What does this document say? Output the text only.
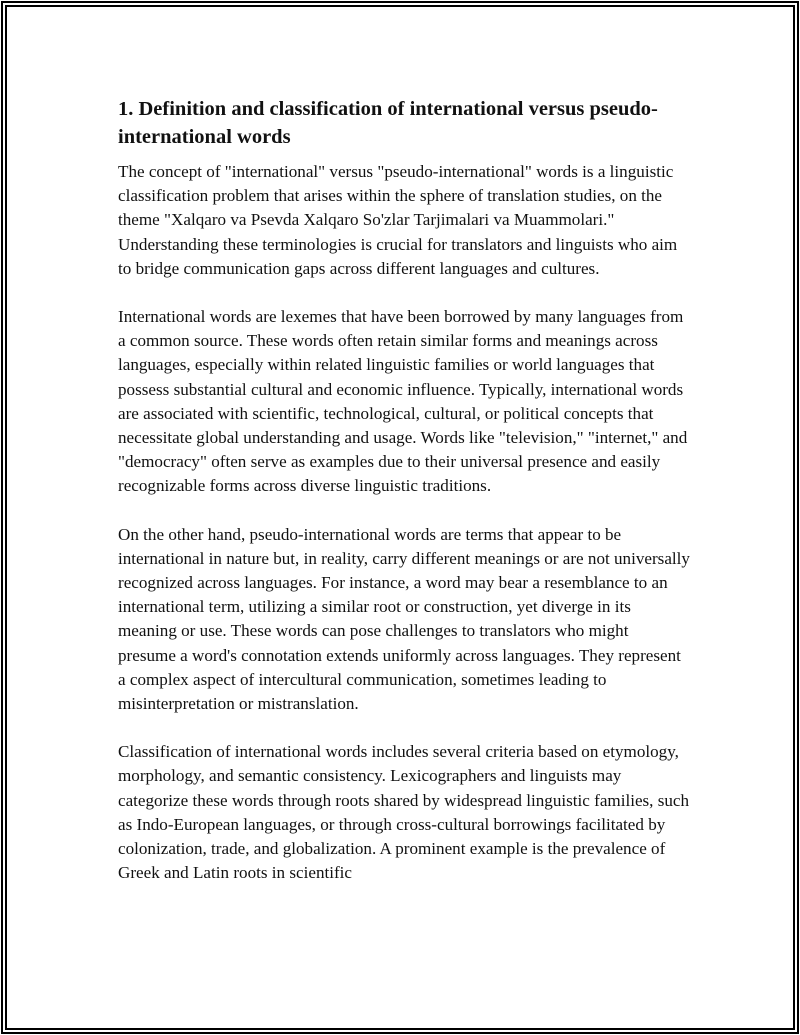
1. Definition and classification of international versus pseudo-international words

The concept of "international" versus "pseudo-international" words is a linguistic classification problem that arises within the sphere of translation studies, on the theme "Xalqaro va Psevda Xalqaro So'zlar Tarjimalari va Muammolari." Understanding these terminologies is crucial for translators and linguists who aim to bridge communication gaps across different languages and cultures.

International words are lexemes that have been borrowed by many languages from a common source. These words often retain similar forms and meanings across languages, especially within related linguistic families or world languages that possess substantial cultural and economic influence. Typically, international words are associated with scientific, technological, cultural, or political concepts that necessitate global understanding and usage. Words like "television," "internet," and "democracy" often serve as examples due to their universal presence and easily recognizable forms across diverse linguistic traditions.

On the other hand, pseudo-international words are terms that appear to be international in nature but, in reality, carry different meanings or are not universally recognized across languages. For instance, a word may bear a resemblance to an international term, utilizing a similar root or construction, yet diverge in its meaning or use. These words can pose challenges to translators who might presume a word's connotation extends uniformly across languages. They represent a complex aspect of intercultural communication, sometimes leading to misinterpretation or mistranslation.

Classification of international words includes several criteria based on etymology, morphology, and semantic consistency. Lexicographers and linguists may categorize these words through roots shared by widespread linguistic families, such as Indo-European languages, or through cross-cultural borrowings facilitated by colonization, trade, and globalization. A prominent example is the prevalence of Greek and Latin roots in scientific
